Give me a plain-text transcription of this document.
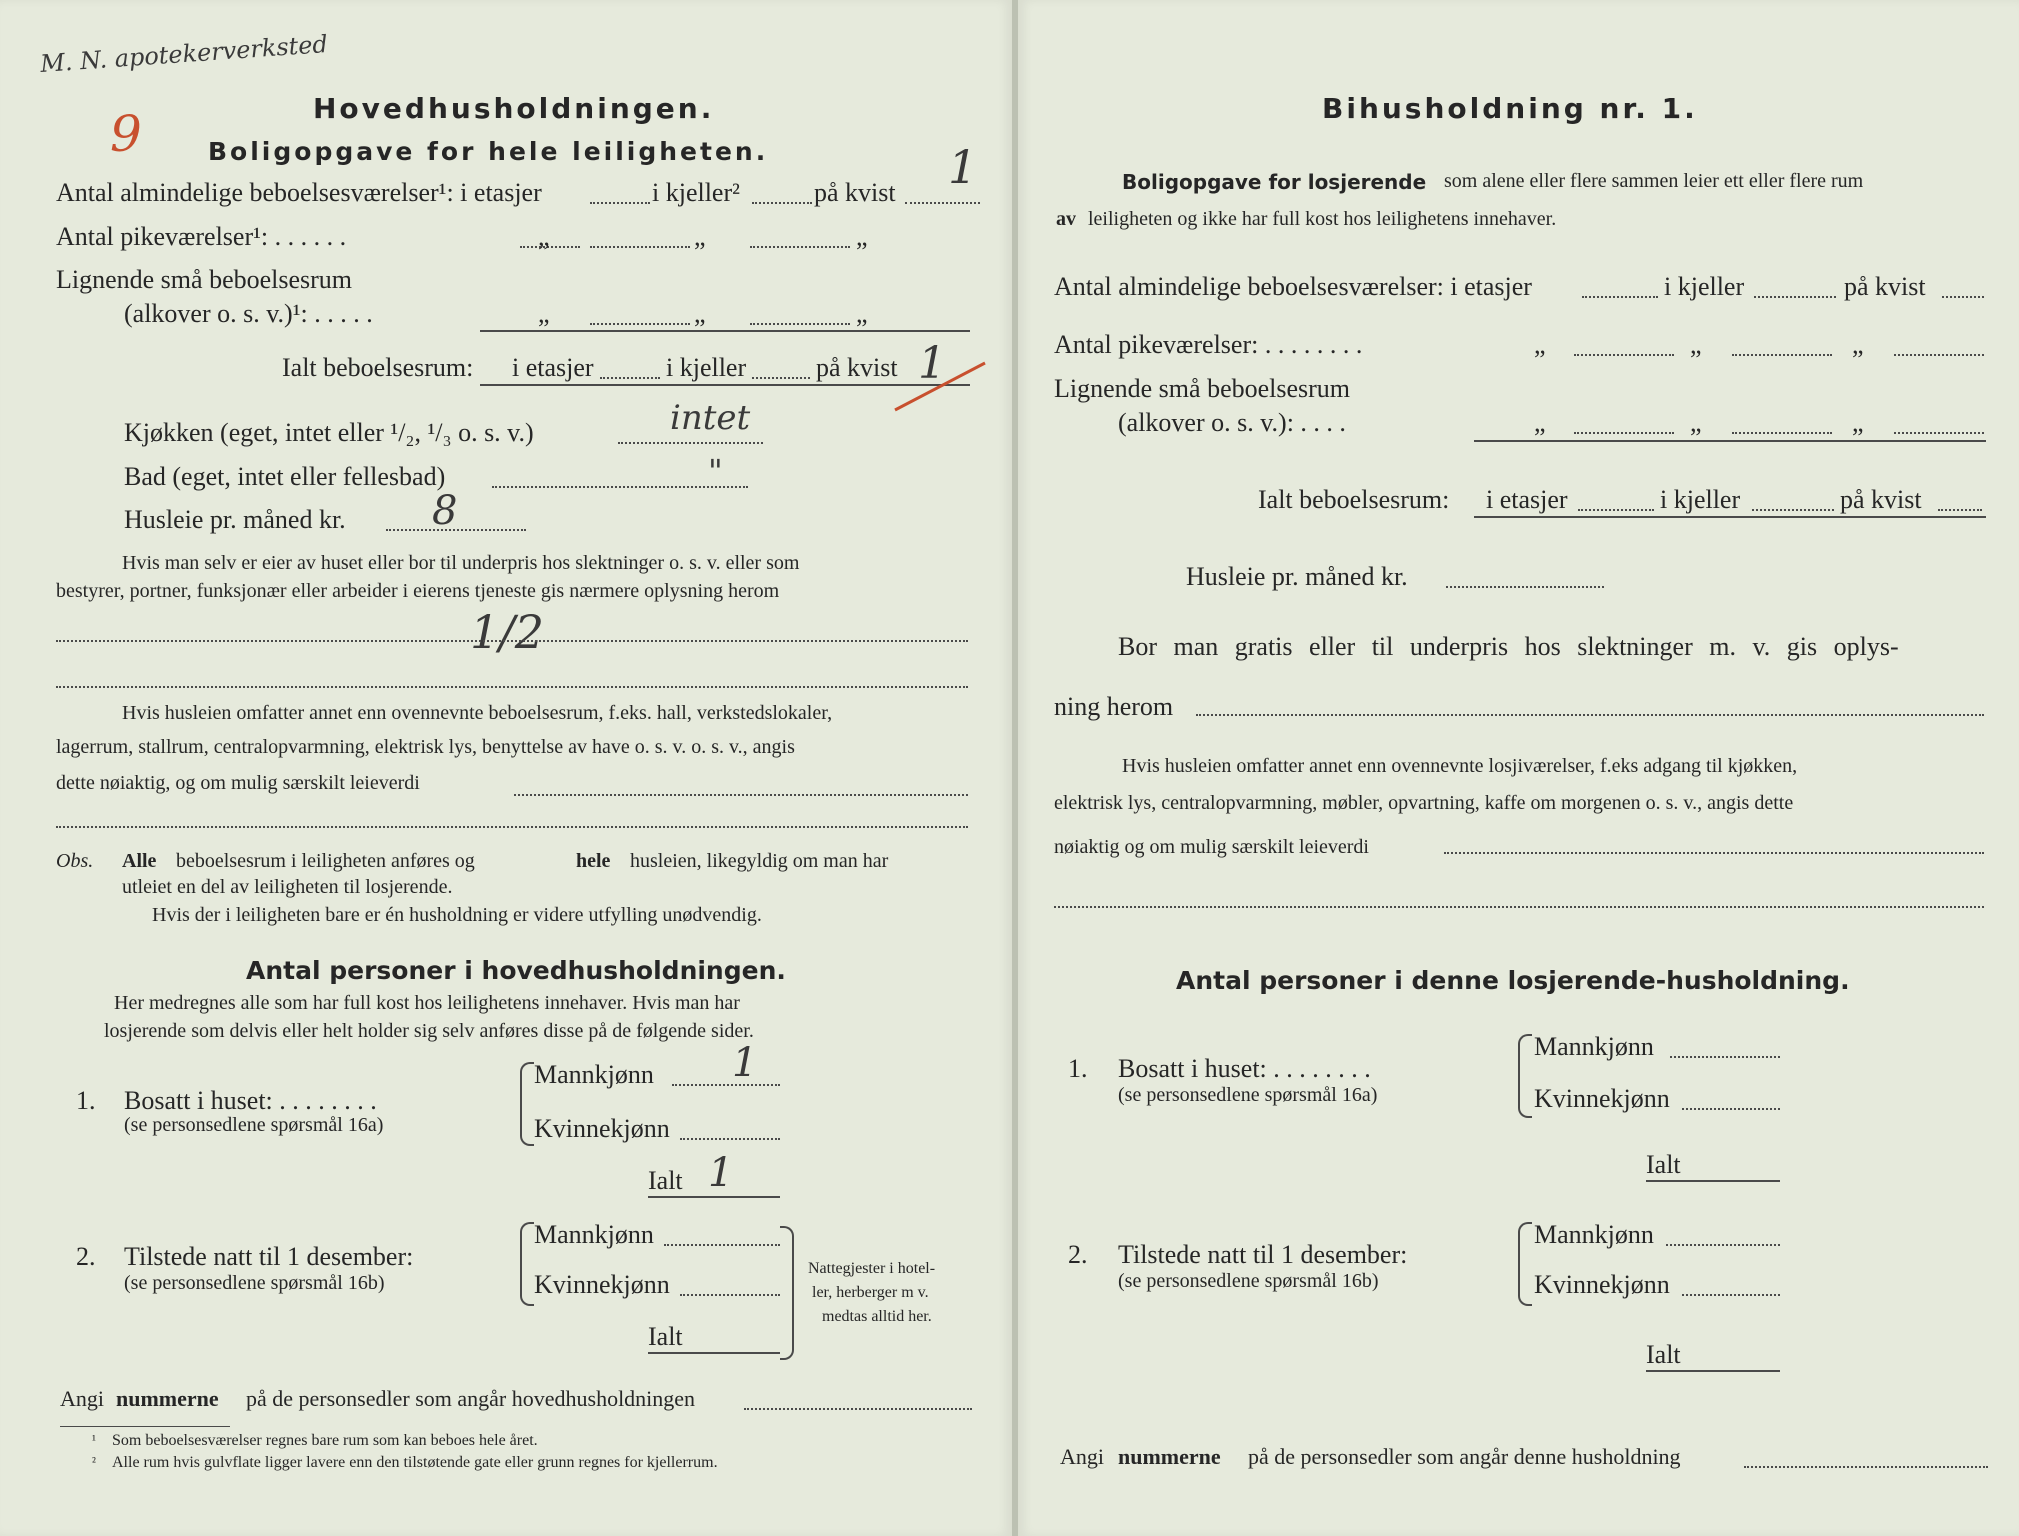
M. N. apotekerverksted
9	Hovedhusholdningen.
Boligopgave for hele leiligheten.
Antal almindelige beboelsesværelser¹: i etasjer	i kjeller²	på kvist 1
Antal pikeværelser¹: . . . . . .	„	„	„
Lignende små beboelsesrum
(alkover o. s. v.)¹: . . . . .	„	„	„
Ialt beboelsesrum: i etasjer	i kjeller	på kvist 1
Kjøkken (eget, intet eller ¹/₂, ¹/₃ o. s. v.)	intet
Bad (eget, intet eller fellesbad)	"
Husleie pr. måned kr. 8
Hvis man selv er eier av huset eller bor til underpris hos slektninger o. s. v. eller som
bestyrer, portner, funksjonær eller arbeider i eierens tjeneste gis nærmere oplysning herom
1/2
Hvis husleien omfatter annet enn ovennevnte beboelsesrum, f.eks. hall, verkstedslokaler,
lagerrum, stallrum, centralopvarmning, elektrisk lys, benyttelse av have o. s. v. o. s. v., angis
dette nøiaktig, og om mulig særskilt leieverdi
Obs. Alle beboelsesrum i leiligheten anføres og	hele husleien, likegyldig om man har
utleiet en del av leiligheten til losjerende.
Hvis der i leiligheten bare er én husholdning er videre utfylling unødvendig.
Antal personer i hovedhusholdningen.
Her medregnes alle som har full kost hos leilighetens innehaver. Hvis man har
losjerende som delvis eller helt holder sig selv anføres disse på de følgende sider.
1. Bosatt i huset: . . . . . . . .
(se personsedlene spørsmål 16a)
Mannkjønn 1
Kvinnekjønn
Ialt 1
2. Tilstede natt til 1 desember:
(se personsedlene spørsmål 16b)
Mannkjønn
Kvinnekjønn
Ialt
Nattegjester i hotel-
ler, herberger m v.
medtas alltid her.
Angi nummerne på de personsedler som angår hovedhusholdningen
¹ Som beboelsesværelser regnes bare rum som kan beboes hele året.
² Alle rum hvis gulvflate ligger lavere enn den tilstøtende gate eller grunn regnes for kjellerrum.
Bihusholdning nr. 1.
Boligopgave for losjerende som alene eller flere sammen leier ett eller flere rum
av leiligheten og ikke har full kost hos leilighetens innehaver.
Antal almindelige beboelsesværelser: i etasjer	i kjeller	på kvist
Antal pikeværelser: . . . . . . . .	„	„	„
Lignende små beboelsesrum
(alkover o. s. v.): . . . .	„	„	„
Ialt beboelsesrum: i etasjer	i kjeller	på kvist
Husleie pr. måned kr.
Bor man gratis eller til underpris hos slektninger m. v. gis oplys-
ning herom
Hvis husleien omfatter annet enn ovennevnte losjiværelser, f.eks adgang til kjøkken,
elektrisk lys, centralopvarmning, møbler, opvartning, kaffe om morgenen o. s. v., angis dette
nøiaktig og om mulig særskilt leieverdi
Antal personer i denne losjerende-husholdning.
1. Bosatt i huset: . . . . . . . .
(se personsedlene spørsmål 16a)
Mannkjønn
Kvinnekjønn
Ialt
2. Tilstede natt til 1 desember:
(se personsedlene spørsmål 16b)
Mannkjønn
Kvinnekjønn
Ialt
Angi nummerne på de personsedler som angår denne husholdning
